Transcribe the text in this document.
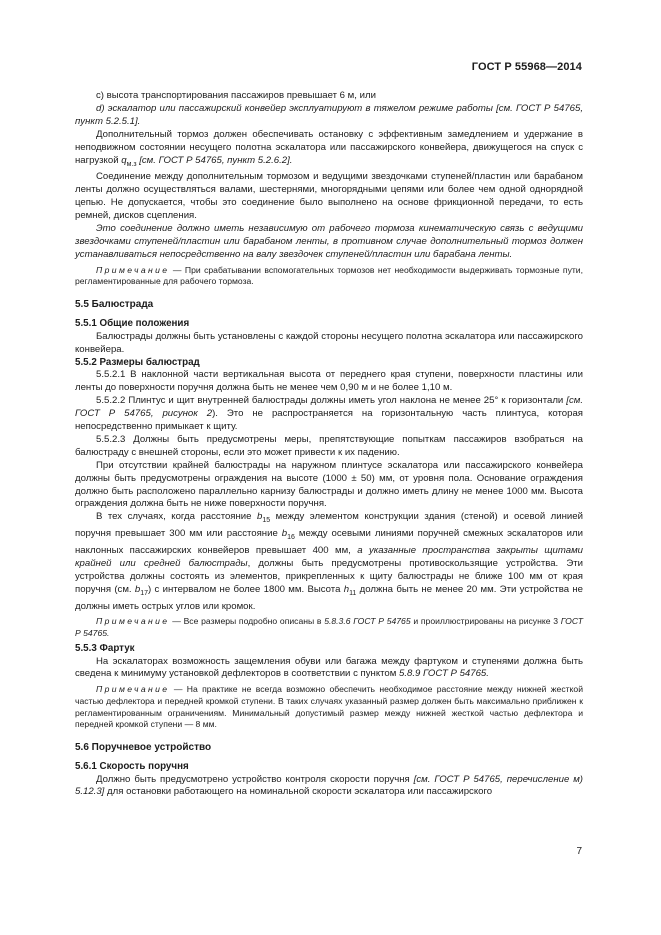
ГОСТ Р 55968—2014

с) высота транспортирования пассажиров превышает 6 м, или

d) эскалатор или пассажирский конвейер эксплуатируют в тяжелом режиме работы [см. ГОСТ Р 54765, пункт 5.2.5.1].

Дополнительный тормоз должен обеспечивать остановку с эффективным замедлением и удержание в неподвижном состоянии несущего полотна эскалатора или пассажирского конвейера, движущегося на спуск с нагрузкой $q_{м.з}$ [см. ГОСТ Р 54765, пункт 5.2.6.2].

Соединение между дополнительным тормозом и ведущими звездочками ступеней/пластин или барабаном ленты должно осуществляться валами, шестернями, многорядными цепями или более чем одной однорядной цепью. Не допускается, чтобы это соединение было выполнено на основе фрикционной передачи, то есть ремней, дисков сцепления.

Это соединение должно иметь независимую от рабочего тормоза кинематическую связь с ведущими звездочками ступеней/пластин или барабаном ленты, в противном случае дополнительный тормоз должен устанавливаться непосредственно на валу звездочек ступеней/пластин или барабана ленты.

Примечание — При срабатывании вспомогательных тормозов нет необходимости выдерживать тормозные пути, регламентированные для рабочего тормоза.

5.5 Балюстрада

5.5.1 Общие положения

Балюстрады должны быть установлены с каждой стороны несущего полотна эскалатора или пассажирского конвейера.

5.5.2 Размеры балюстрад

5.5.2.1 В наклонной части вертикальная высота от переднего края ступени, поверхности пластины или ленты до поверхности поручня должна быть не менее чем 0,90 м и не более 1,10 м.

5.5.2.2 Плинтус и щит внутренней балюстрады должны иметь угол наклона не менее 25° к горизонтали [см. ГОСТ Р 54765, рисунок 2). Это не распространяется на горизонтальную часть плинтуса, которая непосредственно примыкает к щиту.

5.5.2.3 Должны быть предусмотрены меры, препятствующие попыткам пассажиров взобраться на балюстраду с внешней стороны, если это может привести к их падению.

При отсутствии крайней балюстрады на наружном плинтусе эскалатора или пассажирского конвейера должны быть предусмотрены ограждения на высоте (1000 ± 50) мм, от уровня пола. Основание ограждения должно быть расположено параллельно карнизу балюстрады и должно иметь длину не менее 1000 мм. Высота ограждения должна быть не ниже поверхности поручня.

В тех случаях, когда расстояние $b_{15}$ между элементом конструкции здания (стеной) и осевой линией поручня превышает 300 мм или расстояние $b_{16}$ между осевыми линиями поручней смежных эскалаторов или наклонных пассажирских конвейеров превышает 400 мм, а указанные пространства закрыты щитами крайней или средней балюстрады, должны быть предусмотрены противоскользящие устройства. Эти устройства должны состоять из элементов, прикрепленных к щиту балюстрады не ближе 100 мм от края поручня (см. $b_{17}$) с интервалом не более 1800 мм. Высота $h_{11}$ должна быть не менее 20 мм. Эти устройства не должны иметь острых углов или кромок.

Примечание — Все размеры подробно описаны в 5.8.3.6 ГОСТ Р 54765 и проиллюстрированы на рисунке 3 ГОСТ Р 54765.

5.5.3 Фартук

На эскалаторах возможность защемления обуви или багажа между фартуком и ступенями должна быть сведена к минимуму установкой дефлекторов в соответствии с пунктом 5.8.9 ГОСТ Р 54765.

Примечание — На практике не всегда возможно обеспечить необходимое расстояние между нижней жесткой частью дефлектора и передней кромкой ступени. В таких случаях указанный размер должен быть максимально приближен к регламентированным ограничениям. Минимальный допустимый размер между нижней жесткой частью дефлектора и передней кромкой ступени — 8 мм.

5.6 Поручневое устройство

5.6.1 Скорость поручня

Должно быть предусмотрено устройство контроля скорости поручня [см. ГОСТ Р 54765, перечисление м) 5.12.3] для остановки работающего на номинальной скорости эскалатора или пассажирского

7
